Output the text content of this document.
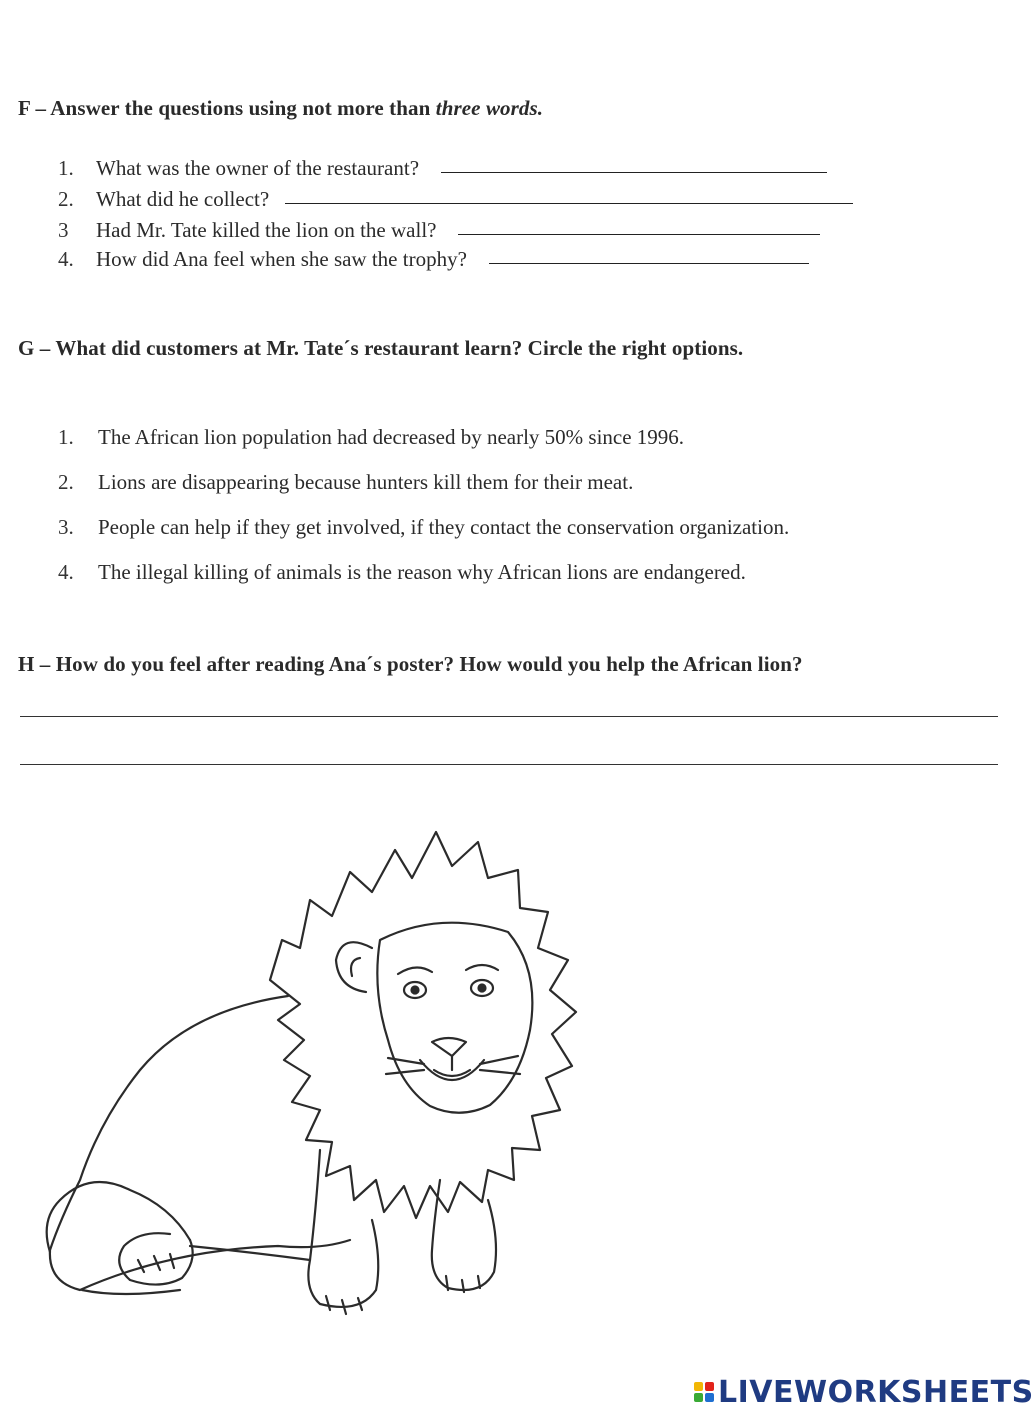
F – Answer the questions using not more than three words.
1.	What was the owner of the restaurant?
2.	What did he collect?
3	Had Mr. Tate killed the lion on the wall?
4.	How did Ana feel when she saw the trophy?
G – What did customers at Mr. Tate´s restaurant learn? Circle the right options.
1. The African lion population had decreased by nearly 50% since 1996.
2. Lions are disappearing because hunters kill them for their meat.
3. People can help if they get involved, if they contact the conservation organization.
4. The illegal killing of animals is the reason why African lions are endangered.
H – How do you feel after reading Ana´s poster? How would you help the African lion?
LIVEWORKSHEETS
